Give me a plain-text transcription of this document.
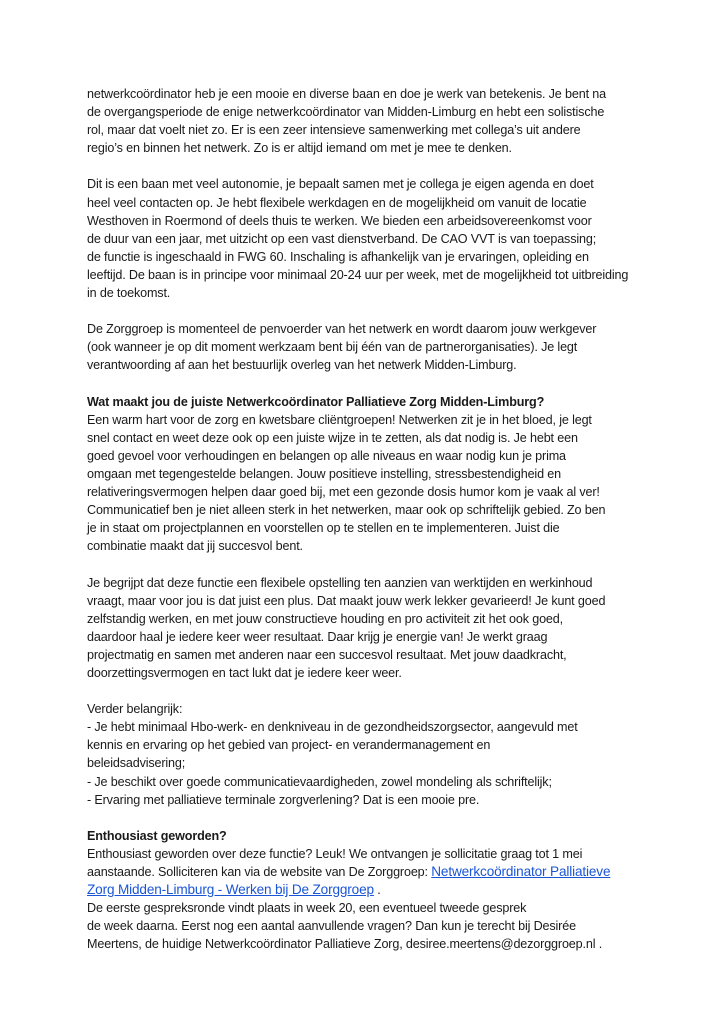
netwerkcoördinator heb je een mooie en diverse baan en doe je werk van betekenis. Je bent na
de overgangsperiode de enige netwerkcoördinator van Midden-Limburg en hebt een solistische
rol, maar dat voelt niet zo. Er is een zeer intensieve samenwerking met collega’s uit andere
regio’s en binnen het netwerk. Zo is er altijd iemand om met je mee te denken.

Dit is een baan met veel autonomie, je bepaalt samen met je collega je eigen agenda en doet
heel veel contacten op. Je hebt flexibele werkdagen en de mogelijkheid om vanuit de locatie
Westhoven in Roermond of deels thuis te werken. We bieden een arbeidsovereenkomst voor
de duur van een jaar, met uitzicht op een vast dienstverband. De CAO VVT is van toepassing;
de functie is ingeschaald in FWG 60. Inschaling is afhankelijk van je ervaringen, opleiding en
leeftijd. De baan is in principe voor minimaal 20-24 uur per week, met de mogelijkheid tot uitbreiding
in de toekomst.

De Zorggroep is momenteel de penvoerder van het netwerk en wordt daarom jouw werkgever
(ook wanneer je op dit moment werkzaam bent bij één van de partnerorganisaties). Je legt
verantwoording af aan het bestuurlijk overleg van het netwerk Midden-Limburg.

Wat maakt jou de juiste Netwerkcoördinator Palliatieve Zorg Midden-Limburg?
Een warm hart voor de zorg en kwetsbare cliëntgroepen! Netwerken zit je in het bloed, je legt
snel contact en weet deze ook op een juiste wijze in te zetten, als dat nodig is. Je hebt een
goed gevoel voor verhoudingen en belangen op alle niveaus en waar nodig kun je prima
omgaan met tegengestelde belangen. Jouw positieve instelling, stressbestendigheid en
relativeringsvermogen helpen daar goed bij, met een gezonde dosis humor kom je vaak al ver!
Communicatief ben je niet alleen sterk in het netwerken, maar ook op schriftelijk gebied. Zo ben
je in staat om projectplannen en voorstellen op te stellen en te implementeren. Juist die
combinatie maakt dat jij succesvol bent.

Je begrijpt dat deze functie een flexibele opstelling ten aanzien van werktijden en werkinhoud
vraagt, maar voor jou is dat juist een plus. Dat maakt jouw werk lekker gevarieerd! Je kunt goed
zelfstandig werken, en met jouw constructieve houding en pro activiteit zit het ook goed,
daardoor haal je iedere keer weer resultaat. Daar krijg je energie van! Je werkt graag
projectmatig en samen met anderen naar een succesvol resultaat. Met jouw daadkracht,
doorzettingsvermogen en tact lukt dat je iedere keer weer.

Verder belangrijk:
- Je hebt minimaal Hbo-werk- en denkniveau in de gezondheidszorgsector, aangevuld met
kennis en ervaring op het gebied van project- en verandermanagement en
beleidsadvisering;
- Je beschikt over goede communicatievaardigheden, zowel mondeling als schriftelijk;
- Ervaring met palliatieve terminale zorgverlening? Dat is een mooie pre.

Enthousiast geworden?
Enthousiast geworden over deze functie? Leuk! We ontvangen je sollicitatie graag tot 1 mei
aanstaande. Solliciteren kan via de website van De Zorggroep: Netwerkcoördinator Palliatieve
Zorg Midden-Limburg - Werken bij De Zorggroep .
De eerste gespreksronde vindt plaats in week 20, een eventueel tweede gesprek
de week daarna. Eerst nog een aantal aanvullende vragen? Dan kun je terecht bij Desirée
Meertens, de huidige Netwerkcoördinator Palliatieve Zorg, desiree.meertens@dezorggroep.nl .
